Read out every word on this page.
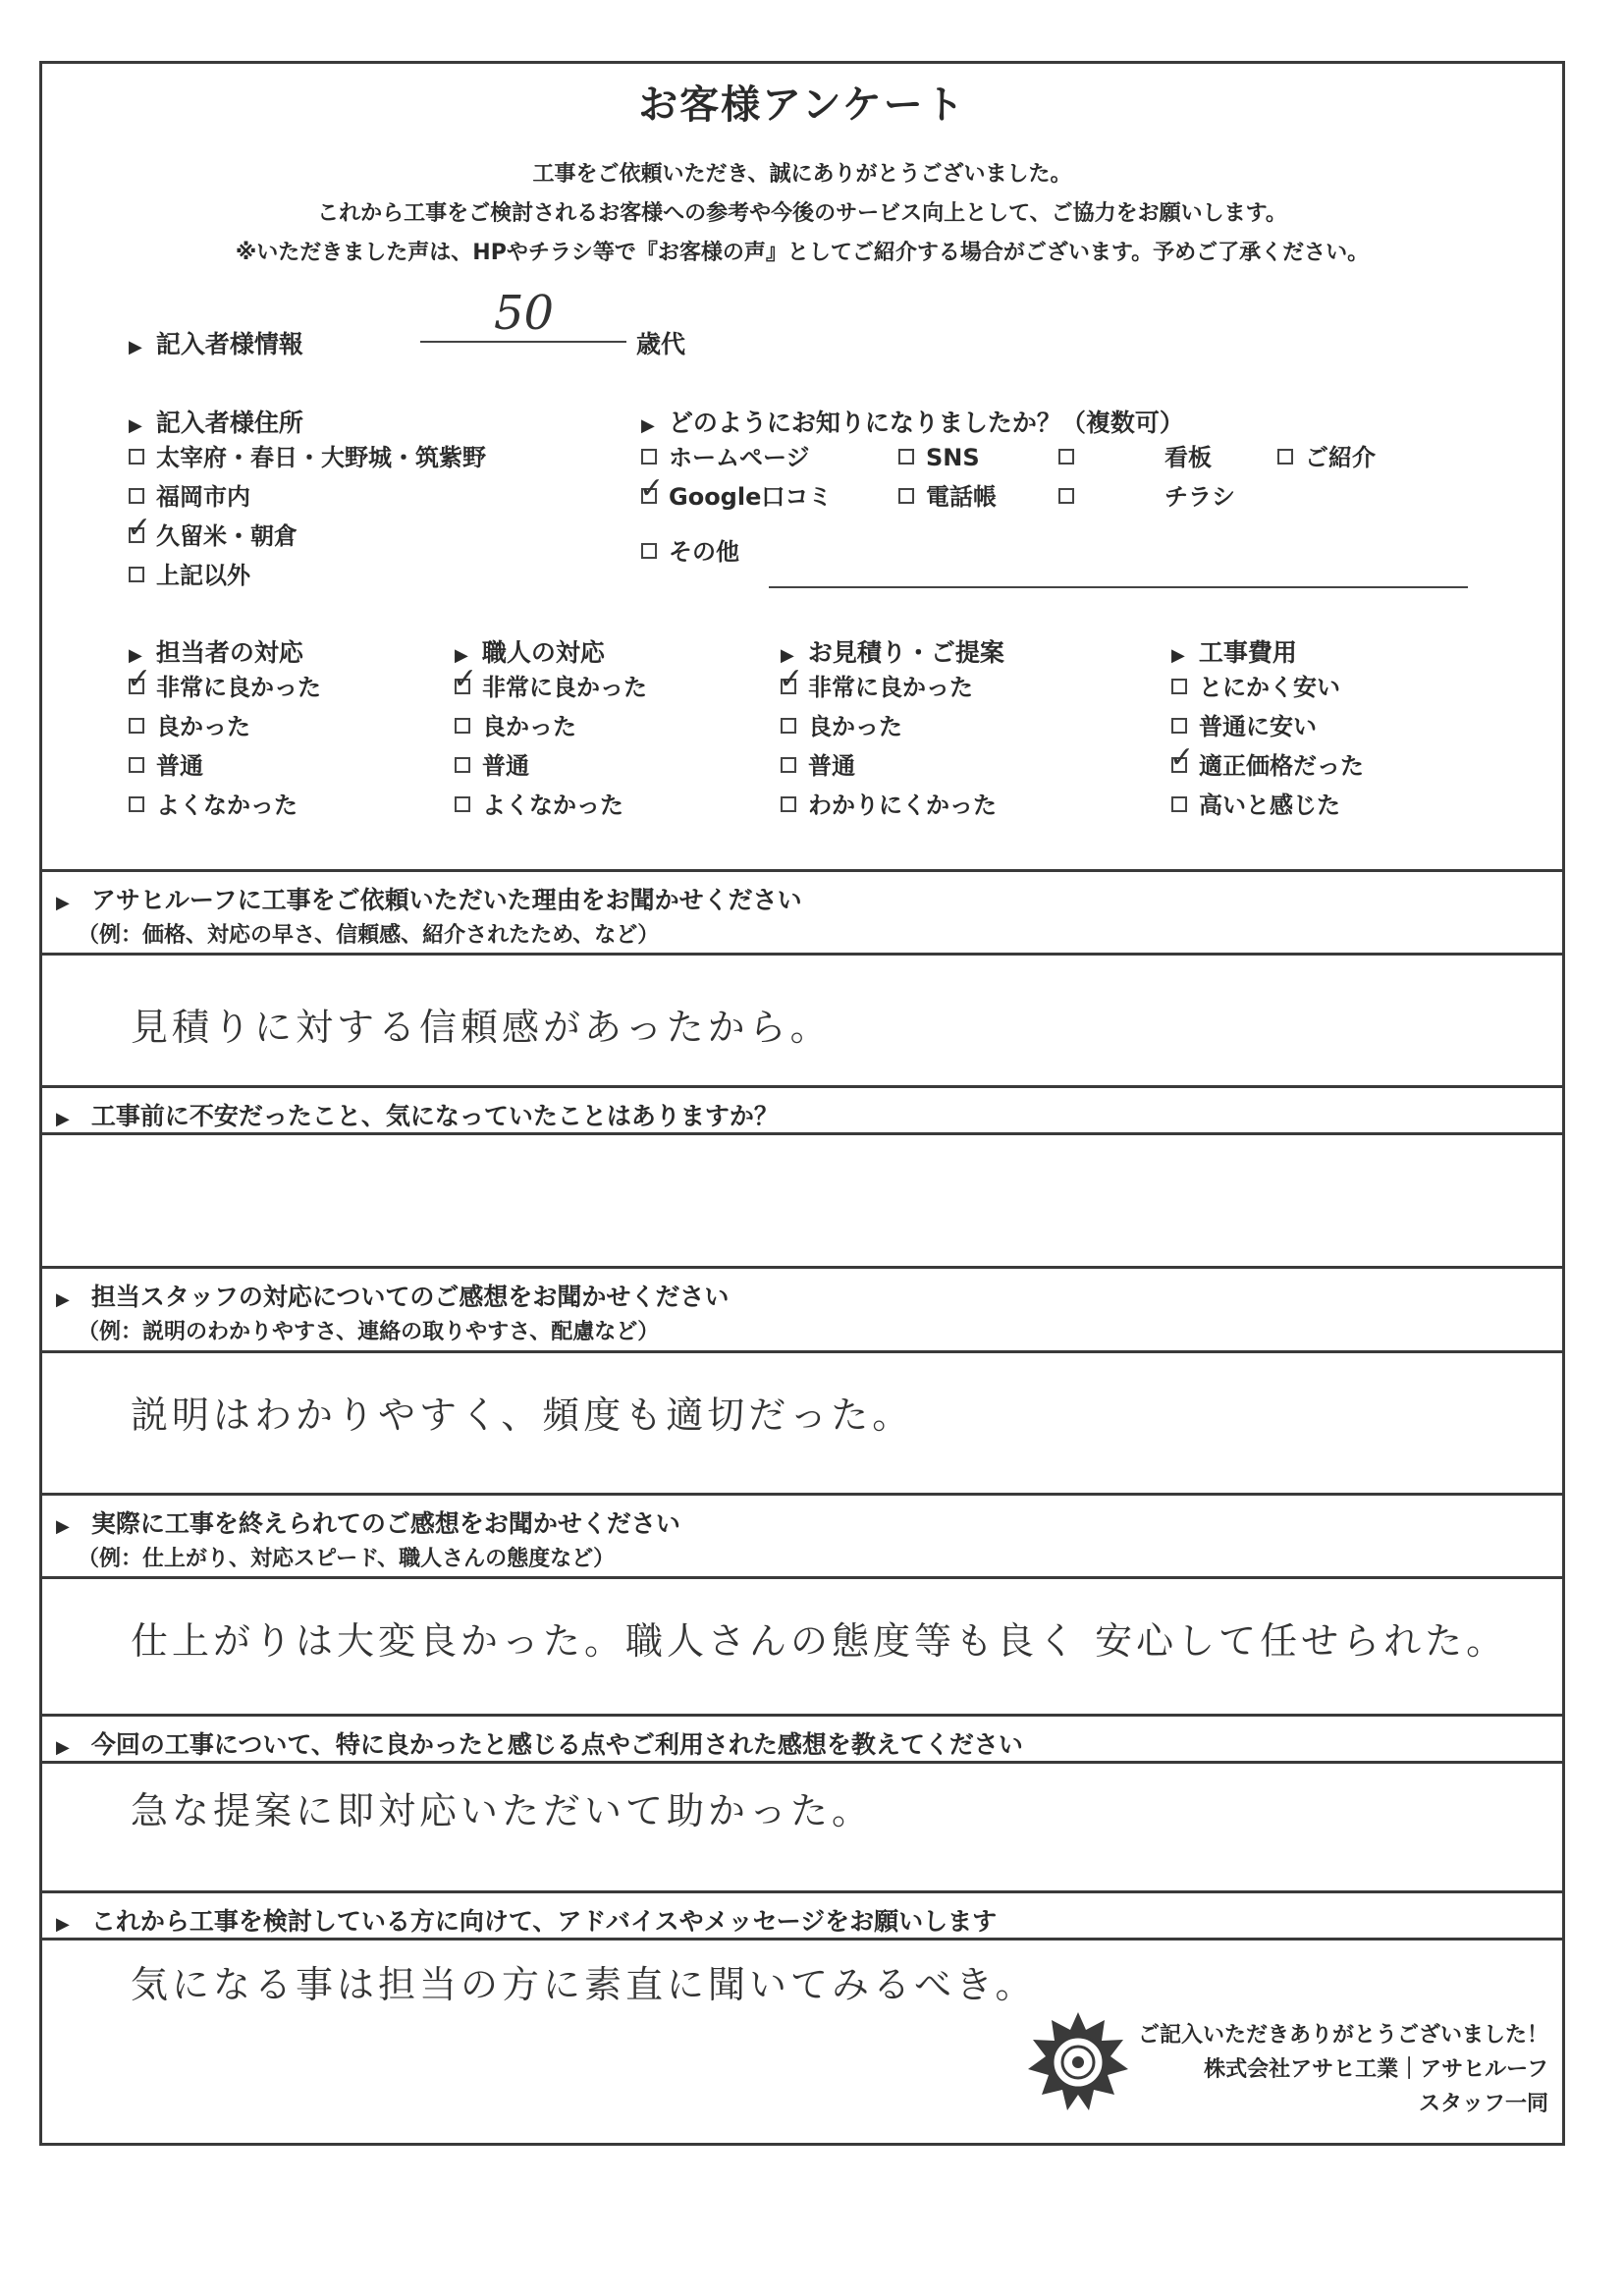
お客様アンケート
工事をご依頼いただき、誠にありがとうございました。
これから工事をご検討されるお客様への参考や今後のサービス向上として、ご協力をお願いします。
※いただきました声は、HPやチラシ等で『お客様の声』としてご紹介する場合がございます。予めご了承ください。
▶ 記入者様情報
50
歳代
▶ 記入者様住所
太宰府・春日・大野城・筑紫野
福岡市内
✓ 久留米・朝倉
上記以外
▶ どのようにお知りになりましたか？（複数可）
ホームページ	SNS	看板	ご紹介
✓ Google口コミ	電話帳	チラシ
その他
▶ 担当者の対応
✓ 非常に良かった
良かった
普通
よくなかった
▶ 職人の対応
✓ 非常に良かった
良かった
普通
よくなかった
▶ お見積り・ご提案
✓ 非常に良かった
良かった
普通
わかりにくかった
▶ 工事費用
とにかく安い
普通に安い
✓ 適正価格だった
高いと感じた
▶ アサヒルーフに工事をご依頼いただいた理由をお聞かせください
（例：価格、対応の早さ、信頼感、紹介されたため、など）
見積りに対する信頼感があったから。
▶ 工事前に不安だったこと、気になっていたことはありますか？
▶ 担当スタッフの対応についてのご感想をお聞かせください
（例：説明のわかりやすさ、連絡の取りやすさ、配慮など）
説明はわかりやすく、頻度も適切だった。
▶ 実際に工事を終えられてのご感想をお聞かせください
（例：仕上がり、対応スピード、職人さんの態度など）
仕上がりは大変良かった。職人さんの態度等も良く 安心して任せられた。
▶ 今回の工事について、特に良かったと感じる点やご利用された感想を教えてください
急な提案に即対応いただいて助かった。
▶ これから工事を検討している方に向けて、アドバイスやメッセージをお願いします
気になる事は担当の方に素直に聞いてみるべき。
ご記入いただきありがとうございました！
株式会社アサヒ工業｜アサヒルーフ
スタッフ一同
